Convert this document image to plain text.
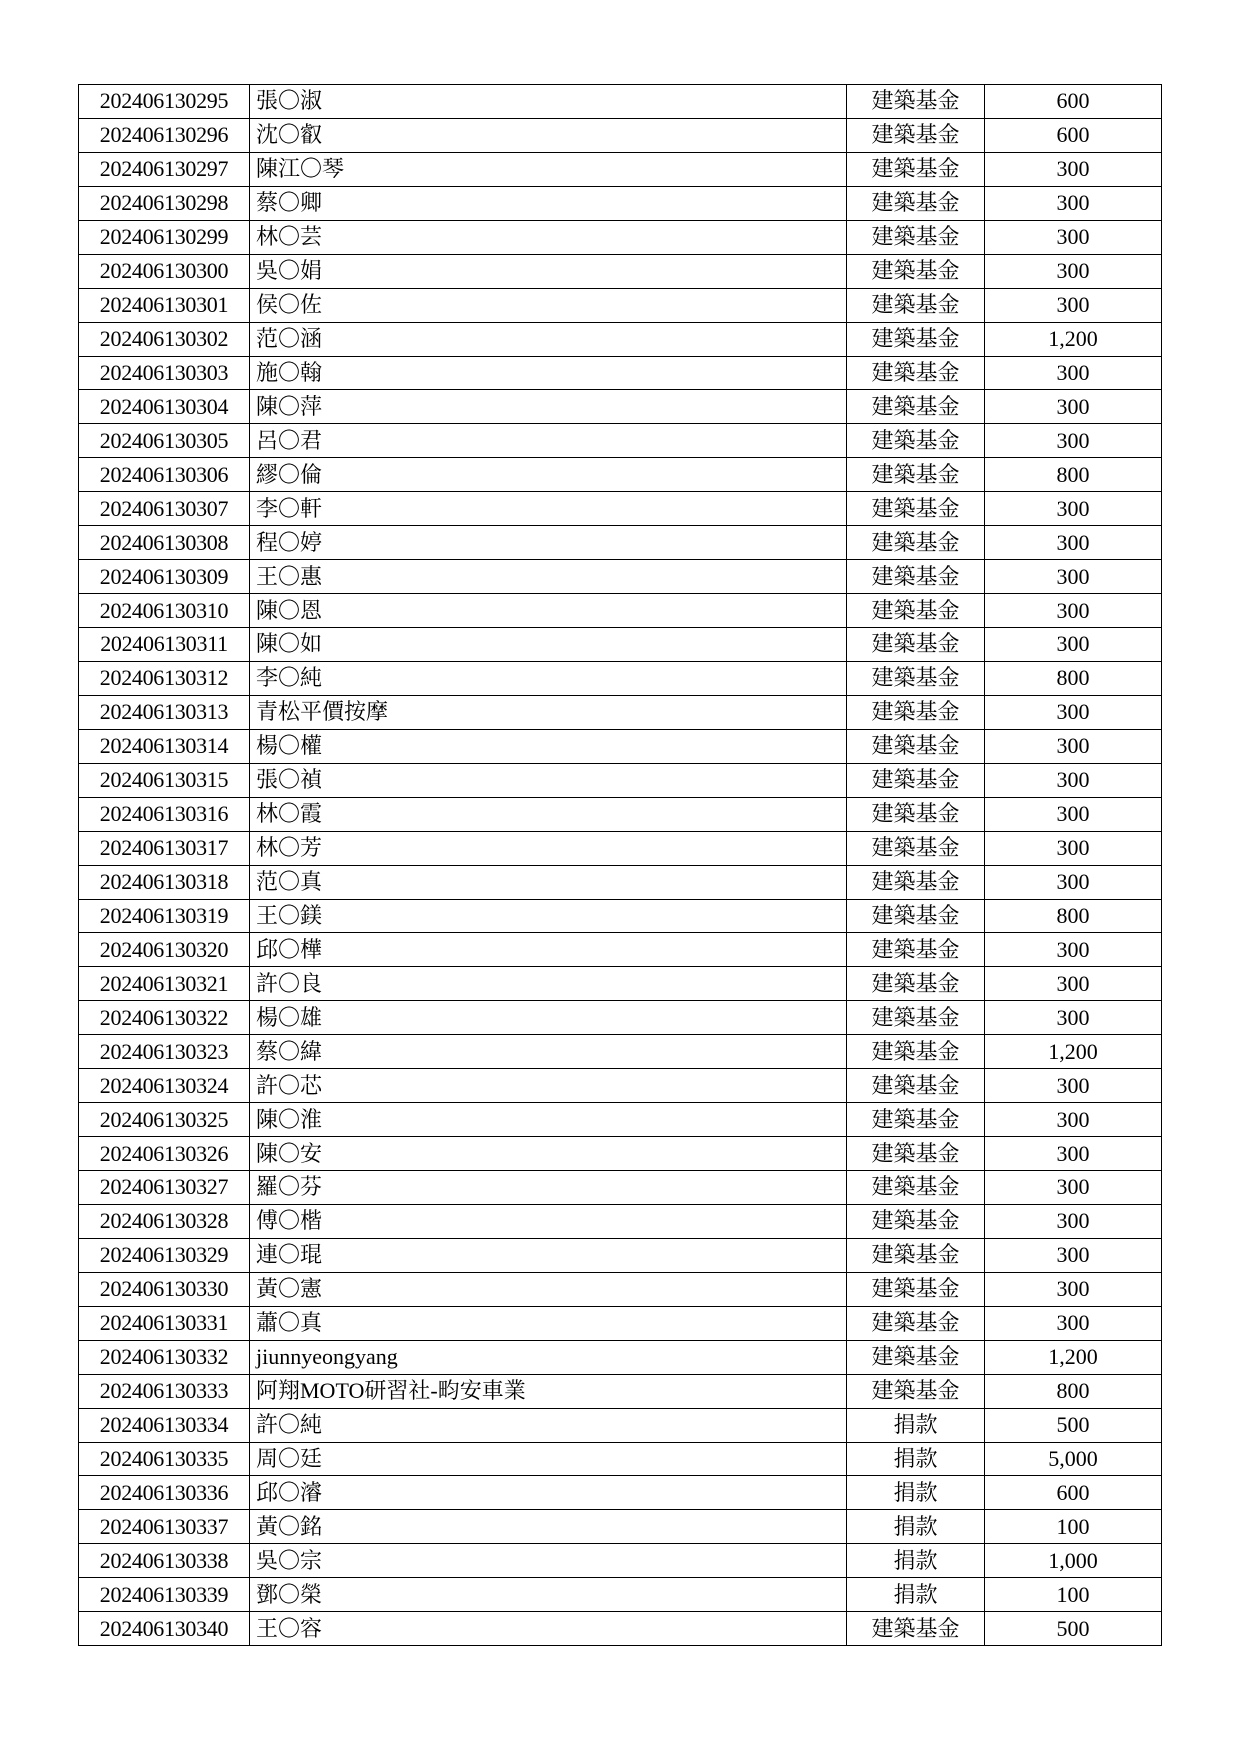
202406130295	張〇淑	建築基金	600
202406130296	沈〇叡	建築基金	600
202406130297	陳江〇琴	建築基金	300
202406130298	蔡〇卿	建築基金	300
202406130299	林〇芸	建築基金	300
202406130300	吳〇娟	建築基金	300
202406130301	侯〇佐	建築基金	300
202406130302	范〇涵	建築基金	1,200
202406130303	施〇翰	建築基金	300
202406130304	陳〇萍	建築基金	300
202406130305	呂〇君	建築基金	300
202406130306	繆〇倫	建築基金	800
202406130307	李〇軒	建築基金	300
202406130308	程〇婷	建築基金	300
202406130309	王〇惠	建築基金	300
202406130310	陳〇恩	建築基金	300
202406130311	陳〇如	建築基金	300
202406130312	李〇純	建築基金	800
202406130313	青松平價按摩	建築基金	300
202406130314	楊〇權	建築基金	300
202406130315	張〇禎	建築基金	300
202406130316	林〇霞	建築基金	300
202406130317	林〇芳	建築基金	300
202406130318	范〇真	建築基金	300
202406130319	王〇鎂	建築基金	800
202406130320	邱〇樺	建築基金	300
202406130321	許〇良	建築基金	300
202406130322	楊〇雄	建築基金	300
202406130323	蔡〇緯	建築基金	1,200
202406130324	許〇芯	建築基金	300
202406130325	陳〇淮	建築基金	300
202406130326	陳〇安	建築基金	300
202406130327	羅〇芬	建築基金	300
202406130328	傅〇楷	建築基金	300
202406130329	連〇琨	建築基金	300
202406130330	黃〇憲	建築基金	300
202406130331	蕭〇真	建築基金	300
202406130332	jiunnyeongyang	建築基金	1,200
202406130333	阿翔MOTO研習社-畇安車業	建築基金	800
202406130334	許〇純	捐款	500
202406130335	周〇廷	捐款	5,000
202406130336	邱〇濬	捐款	600
202406130337	黃〇銘	捐款	100
202406130338	吳〇宗	捐款	1,000
202406130339	鄧〇榮	捐款	100
202406130340	王〇容	建築基金	500
